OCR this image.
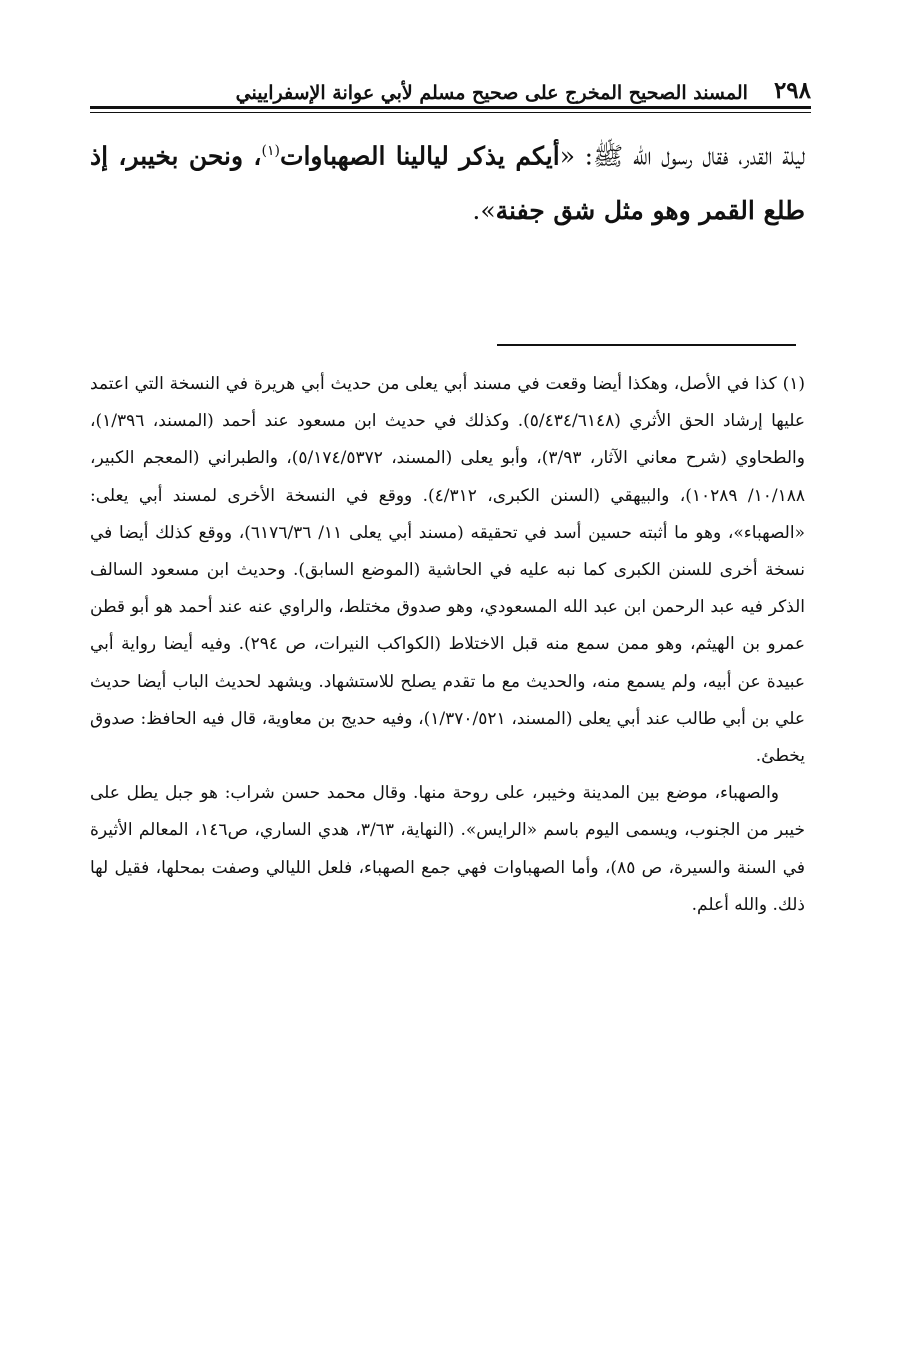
٢٩٨
المسند الصحيح المخرج على صحيح مسلم لأبي عوانة الإسفراييني
ليلة القدر، فقال رسول الله ﷺ: «أيكم يذكر ليالينا الصهباوات$^{(١)}$، ونحن بخيبر، إذ طلع القمر وهو مثل شق جفنة».

(١) كذا في الأصل، وهكذا أيضا وقعت في مسند أبي يعلى من حديث أبي هريرة في النسخة التي اعتمد عليها إرشاد الحق الأثري (٥/٤٣٤/٦١٤٨). وكذلك في حديث ابن مسعود عند أحمد (المسند، ١/٣٩٦)، والطحاوي (شرح معاني الآثار، ٣/٩٣)، وأبو يعلى (المسند، ٥/١٧٤/٥٣٧٢)، والطبراني (المعجم الكبير، ١٠/١٨٨/ ١٠٢٨٩)، والبيهقي (السنن الكبرى، ٤/٣١٢). ووقع في النسخة الأخرى لمسند أبي يعلى: «الصهباء»، وهو ما أثبته حسين أسد في تحقيقه (مسند أبي يعلى ١١/ ٦١٧٦/٣٦)، ووقع كذلك أيضا في نسخة أخرى للسنن الكبرى كما نبه عليه في الحاشية (الموضع السابق). وحديث ابن مسعود السالف الذكر فيه عبد الرحمن ابن عبد الله المسعودي، وهو صدوق مختلط، والراوي عنه عند أحمد هو أبو قطن عمرو بن الهيثم، وهو ممن سمع منه قبل الاختلاط (الكواكب النيرات، ص ٢٩٤). وفيه أيضا رواية أبي عبيدة عن أبيه، ولم يسمع منه، والحديث مع ما تقدم يصلح للاستشهاد. ويشهد لحديث الباب أيضا حديث علي بن أبي طالب عند أبي يعلى (المسند، ١/٣٧٠/٥٢١)، وفيه حديج بن معاوية، قال فيه الحافظ: صدوق يخطئ.

والصهباء، موضع بين المدينة وخيبر، على روحة منها. وقال محمد حسن شراب: هو جبل يطل على خيبر من الجنوب، ويسمى اليوم باسم «الرايس». (النهاية، ٣/٦٣، هدي الساري، ص١٤٦، المعالم الأثيرة في السنة والسيرة، ص ٨٥)، وأما الصهباوات فهي جمع الصهباء، فلعل الليالي وصفت بمحلها، فقيل لها ذلك. والله أعلم.
